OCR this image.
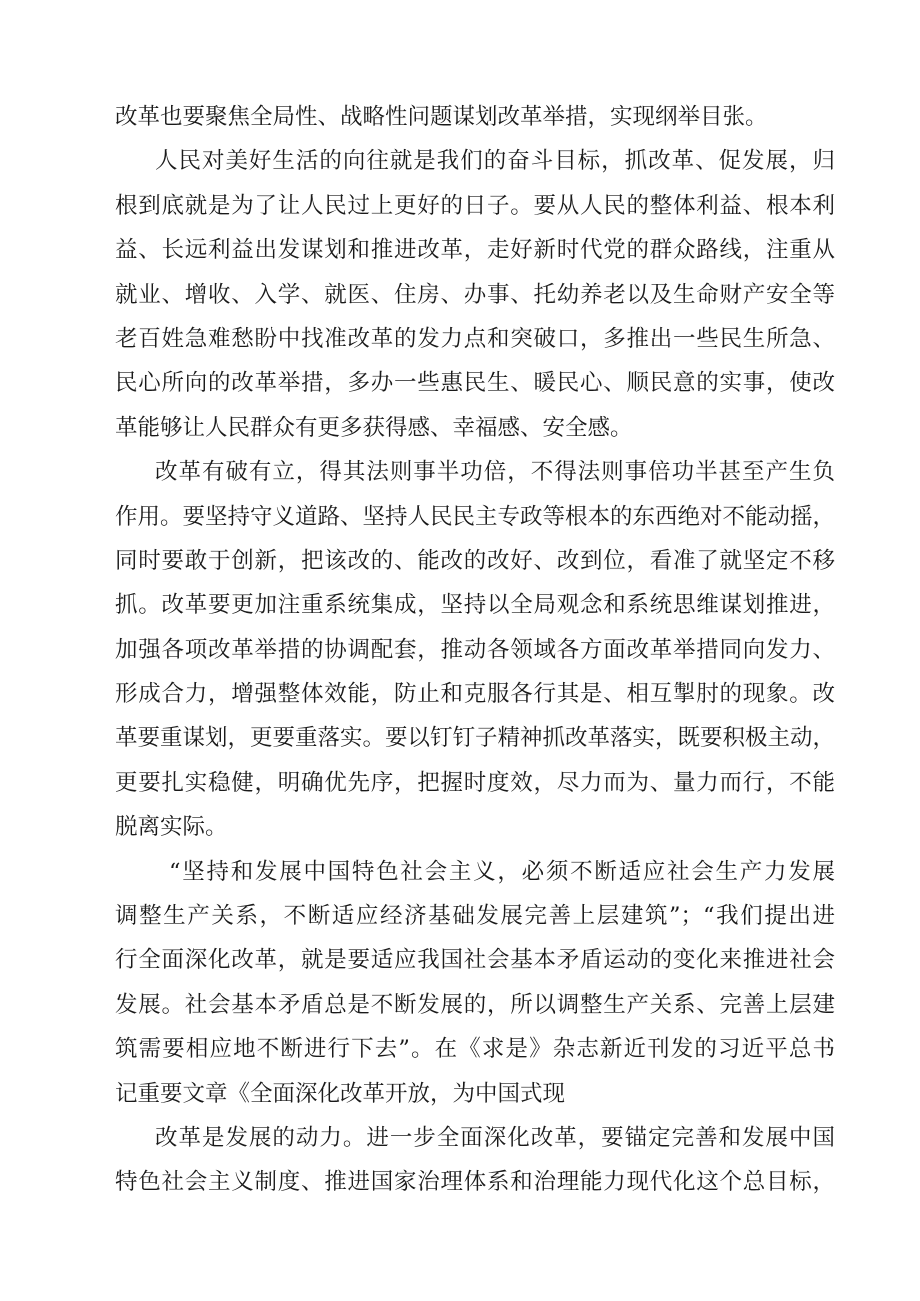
改革也要聚焦全局性、战略性问题谋划改革举措，实现纲举目张。
人民对美好生活的向往就是我们的奋斗目标，抓改革、促发展，归
根到底就是为了让人民过上更好的日子。要从人民的整体利益、根本利
益、长远利益出发谋划和推进改革，走好新时代党的群众路线，注重从
就业、增收、入学、就医、住房、办事、托幼养老以及生命财产安全等
老百姓急难愁盼中找准改革的发力点和突破口，多推出一些民生所急、
民心所向的改革举措，多办一些惠民生、暖民心、顺民意的实事，使改
革能够让人民群众有更多获得感、幸福感、安全感。
改革有破有立，得其法则事半功倍，不得法则事倍功半甚至产生负
作用。要坚持守义道路、坚持人民民主专政等根本的东西绝对不能动摇，
同时要敢于创新，把该改的、能改的改好、改到位，看准了就坚定不移
抓。改革要更加注重系统集成，坚持以全局观念和系统思维谋划推进，
加强各项改革举措的协调配套，推动各领域各方面改革举措同向发力、
形成合力，增强整体效能，防止和克服各行其是、相互掣肘的现象。改
革要重谋划，更要重落实。要以钉钉子精神抓改革落实，既要积极主动，
更要扎实稳健，明确优先序，把握时度效，尽力而为、量力而行，不能
脱离实际。
“坚持和发展中国特色社会主义，必须不断适应社会生产力发展
调整生产关系，不断适应经济基础发展完善上层建筑”；“我们提出进
行全面深化改革，就是要适应我国社会基本矛盾运动的变化来推进社会
发展。社会基本矛盾总是不断发展的，所以调整生产关系、完善上层建
筑需要相应地不断进行下去”。在《求是》杂志新近刊发的习近平总书
记重要文章《全面深化改革开放，为中国式现
改革是发展的动力。进一步全面深化改革，要锚定完善和发展中国
特色社会主义制度、推进国家治理体系和治理能力现代化这个总目标，
